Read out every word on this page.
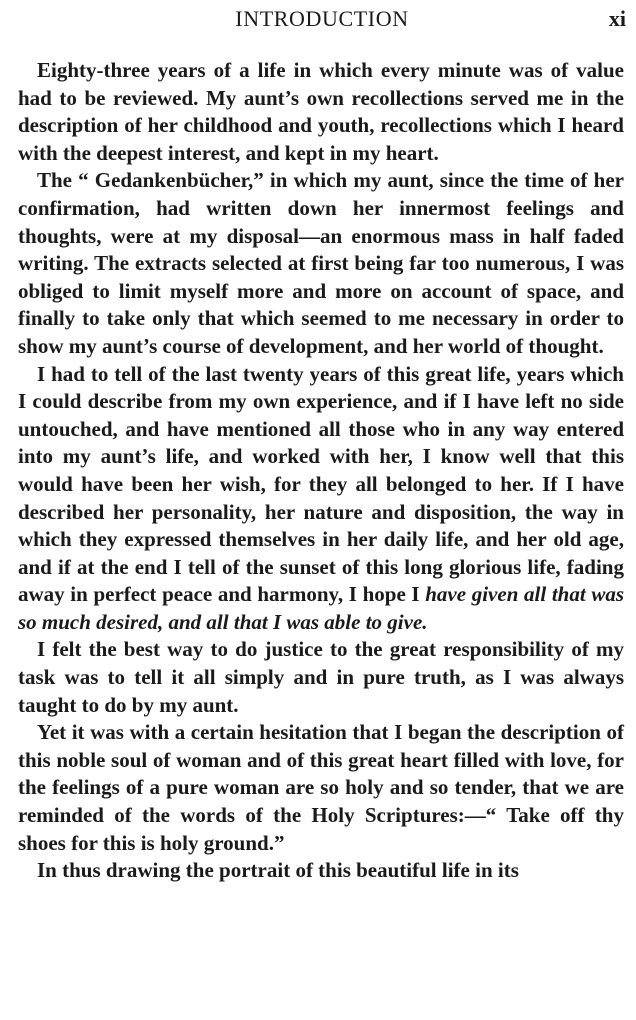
INTRODUCTION	xi

Eighty-three years of a life in which every minute was of value had to be reviewed. My aunt’s own recollections served me in the description of her childhood and youth, recollections which I heard with the deepest interest, and kept in my heart.

The “ Gedankenbücher,” in which my aunt, since the time of her confirmation, had written down her innermost feelings and thoughts, were at my disposal—an enormous mass in half faded writing. The extracts selected at first being far too numerous, I was obliged to limit myself more and more on account of space, and finally to take only that which seemed to me necessary in order to show my aunt’s course of development, and her world of thought.

I had to tell of the last twenty years of this great life, years which I could describe from my own experience, and if I have left no side untouched, and have mentioned all those who in any way entered into my aunt’s life, and worked with her, I know well that this would have been her wish, for they all belonged to her. If I have described her personality, her nature and disposition, the way in which they expressed themselves in her daily life, and her old age, and if at the end I tell of the sunset of this long glorious life, fading away in perfect peace and harmony, I hope I have given all that was so much desired, and all that I was able to give.

I felt the best way to do justice to the great responsibility of my task was to tell it all simply and in pure truth, as I was always taught to do by my aunt.

Yet it was with a certain hesitation that I began the description of this noble soul of woman and of this great heart filled with love, for the feelings of a pure woman are so holy and so tender, that we are reminded of the words of the Holy Scriptures:—“ Take off thy shoes for this is holy ground.”

In thus drawing the portrait of this beautiful life in its
